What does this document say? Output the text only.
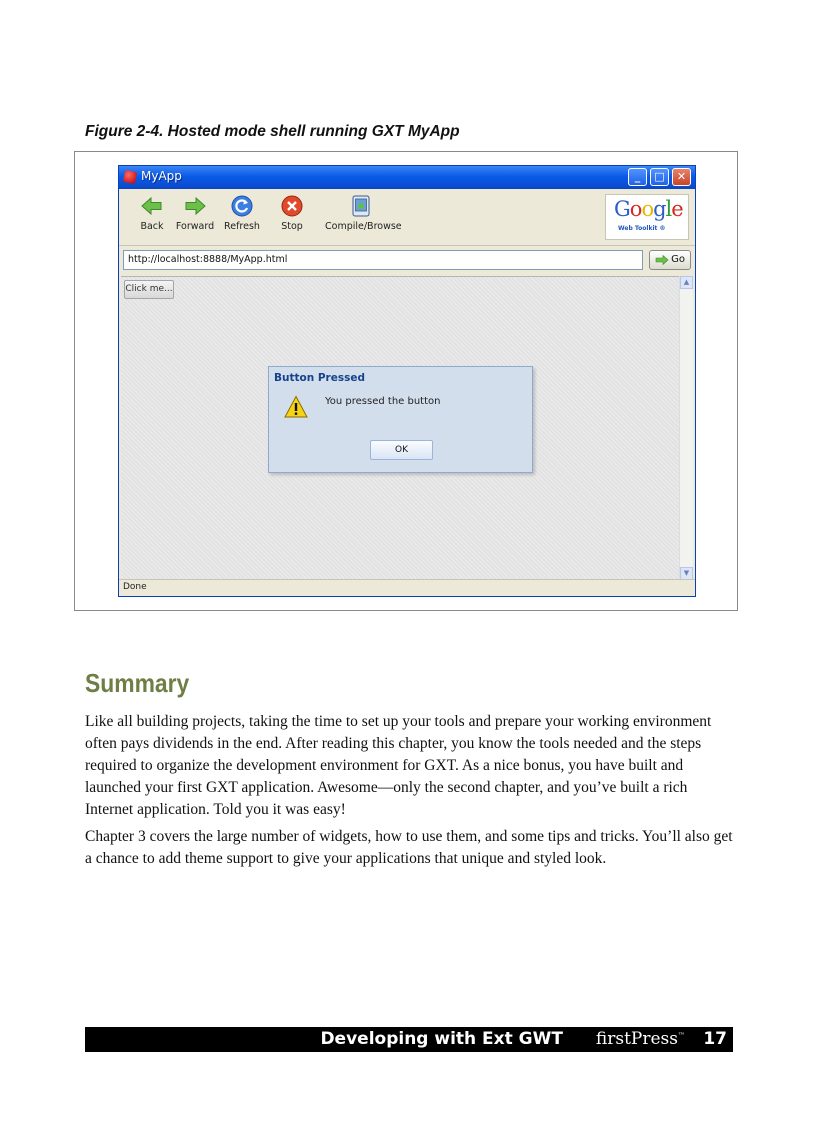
Figure 2-4. Hosted mode shell running GXT MyApp
MyApp	_	□	✕
Back	Forward	Refresh	Stop	Compile/Browse
Google
Web Toolkit ®
http://localhost:8888/MyApp.html	Go
Click me...
Button Pressed
You pressed the button
OK
▲
▼
Done
Summary

Like all building projects, taking the time to set up your tools and prepare your working environment often pays dividends in the end. After reading this chapter, you know the tools needed and the steps required to organize the development environment for GXT. As a nice bonus, you have built and launched your first GXT application. Awesome—only the second chapter, and you’ve built a rich Internet application. Told you it was easy!

Chapter 3 covers the large number of widgets, how to use them, and some tips and tricks. You’ll also get a chance to add theme support to give your applications that unique and styled look.

Developing with Ext GWT firstPress™ 17
